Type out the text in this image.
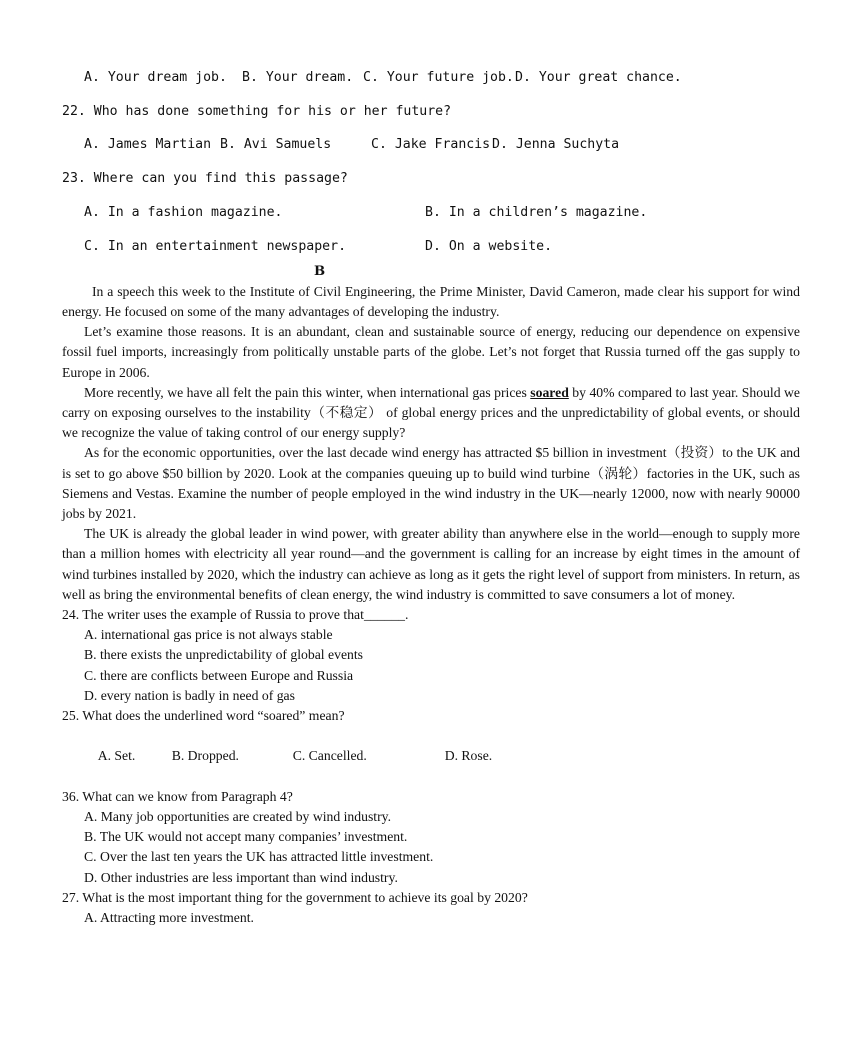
A. Your dream job.	B. Your dream. C. Your future job. D. Your great chance.
22. Who has done something for his or her future?
A. James Martian B. Avi Samuels	C. Jake Francis D. Jenna Suchyta
23. Where can you find this passage?
A. In a fashion magazine.	B. In a children’s magazine.
C. In an entertainment newspaper.	D. On a website.
B
In a speech this week to the Institute of Civil Engineering, the Prime Minister, David Cameron, made clear his support for wind energy. He focused on some of the many advantages of developing the industry.
Let’s examine those reasons. It is an abundant, clean and sustainable source of energy, reducing our dependence on expensive fossil fuel imports, increasingly from politically unstable parts of the globe. Let’s not forget that Russia turned off the gas supply to Europe in 2006.
More recently, we have all felt the pain this winter, when international gas prices soared by 40% compared to last year. Should we carry on exposing ourselves to the instability（不稳定） of global energy prices and the unpredictability of global events, or should we recognize the value of taking control of our energy supply?
As for the economic opportunities, over the last decade wind energy has attracted $5 billion in investment（投资）to the UK and is set to go above $50 billion by 2020. Look at the companies queuing up to build wind turbine（涡轮）factories in the UK, such as Siemens and Vestas. Examine the number of people employed in the wind industry in the UK—nearly 12000, now with nearly 90000 jobs by 2021.
The UK is already the global leader in wind power, with greater ability than anywhere else in the world—enough to supply more than a million homes with electricity all year round—and the government is calling for an increase by eight times in the amount of wind turbines installed by 2020, which the industry can achieve as long as it gets the right level of support from ministers. In return, as well as bring the environmental benefits of clean energy, the wind industry is committed to save consumers a lot of money.
24. The writer uses the example of Russia to prove that______.
A. international gas price is not always stable
B. there exists the unpredictability of global events
C. there are conflicts between Europe and Russia
D. every nation is badly in need of gas
25. What does the underlined word “soared” mean?

A. Set.	B. Dropped.	C. Cancelled.	D. Rose.

36. What can we know from Paragraph 4?
A. Many job opportunities are created by wind industry.
B. The UK would not accept many companies’ investment.
C. Over the last ten years the UK has attracted little investment.
D. Other industries are less important than wind industry.
27. What is the most important thing for the government to achieve its goal by 2020?
A. Attracting more investment.
